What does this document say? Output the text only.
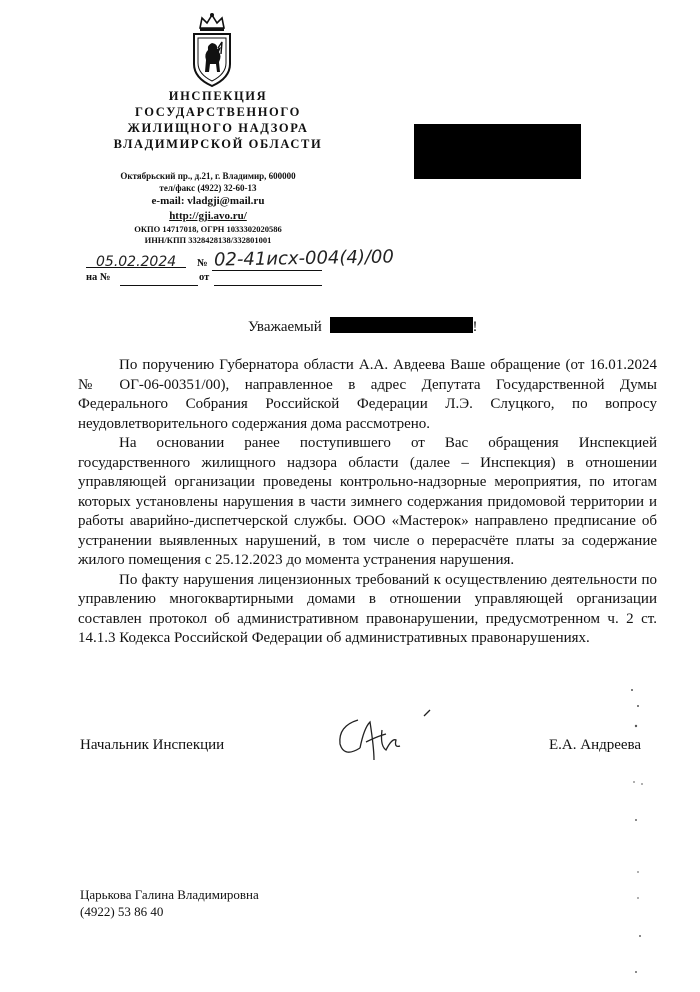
ИНСПЕКЦИЯ
ГОСУДАРСТВЕННОГО
ЖИЛИЩНОГО НАДЗОРА
ВЛАДИМИРСКОЙ ОБЛАСТИ
Октябрьский пр., д.21, г. Владимир, 600000
тел/факс (4922) 32-60-13
e-mail: vladgji@mail.ru
http://gji.avo.ru/
ОКПО 14717018, ОГРН 1033302020586
ИНН/КПП 3328428138/332801001
05.02.2024	№ 02-41исх-004(4)/00
на №	от
Уважаемый	!

По поручению Губернатора области А.А. Авдеева Ваше обращение (от 16.01.2024 № ОГ-06-00351/00), направленное в адрес Депутата Государственной Думы Федерального Собрания Российской Федерации Л.Э. Слуцкого, по вопросу неудовлетворительного содержания дома рассмотрено.

На основании ранее поступившего от Вас обращения Инспекцией государственного жилищного надзора области (далее – Инспекция) в отношении управляющей организации проведены контрольно-надзорные мероприятия, по итогам которых установлены нарушения в части зимнего содержания придомовой территории и работы аварийно-диспетчерской службы. ООО «Мастерок» направлено предписание об устранении выявленных нарушений, в том числе о перерасчёте платы за содержание жилого помещения с 25.12.2023 до момента устранения нарушения.

По факту нарушения лицензионных требований к осуществлению деятельности по управлению многоквартирными домами в отношении управляющей организации составлен протокол об административном правонарушении, предусмотренном ч. 2 ст. 14.1.3 Кодекса Российской Федерации об административных правонарушениях.

Начальник Инспекции	Е.А. Андреева
Царькова Галина Владимировна
(4922) 53 86 40
